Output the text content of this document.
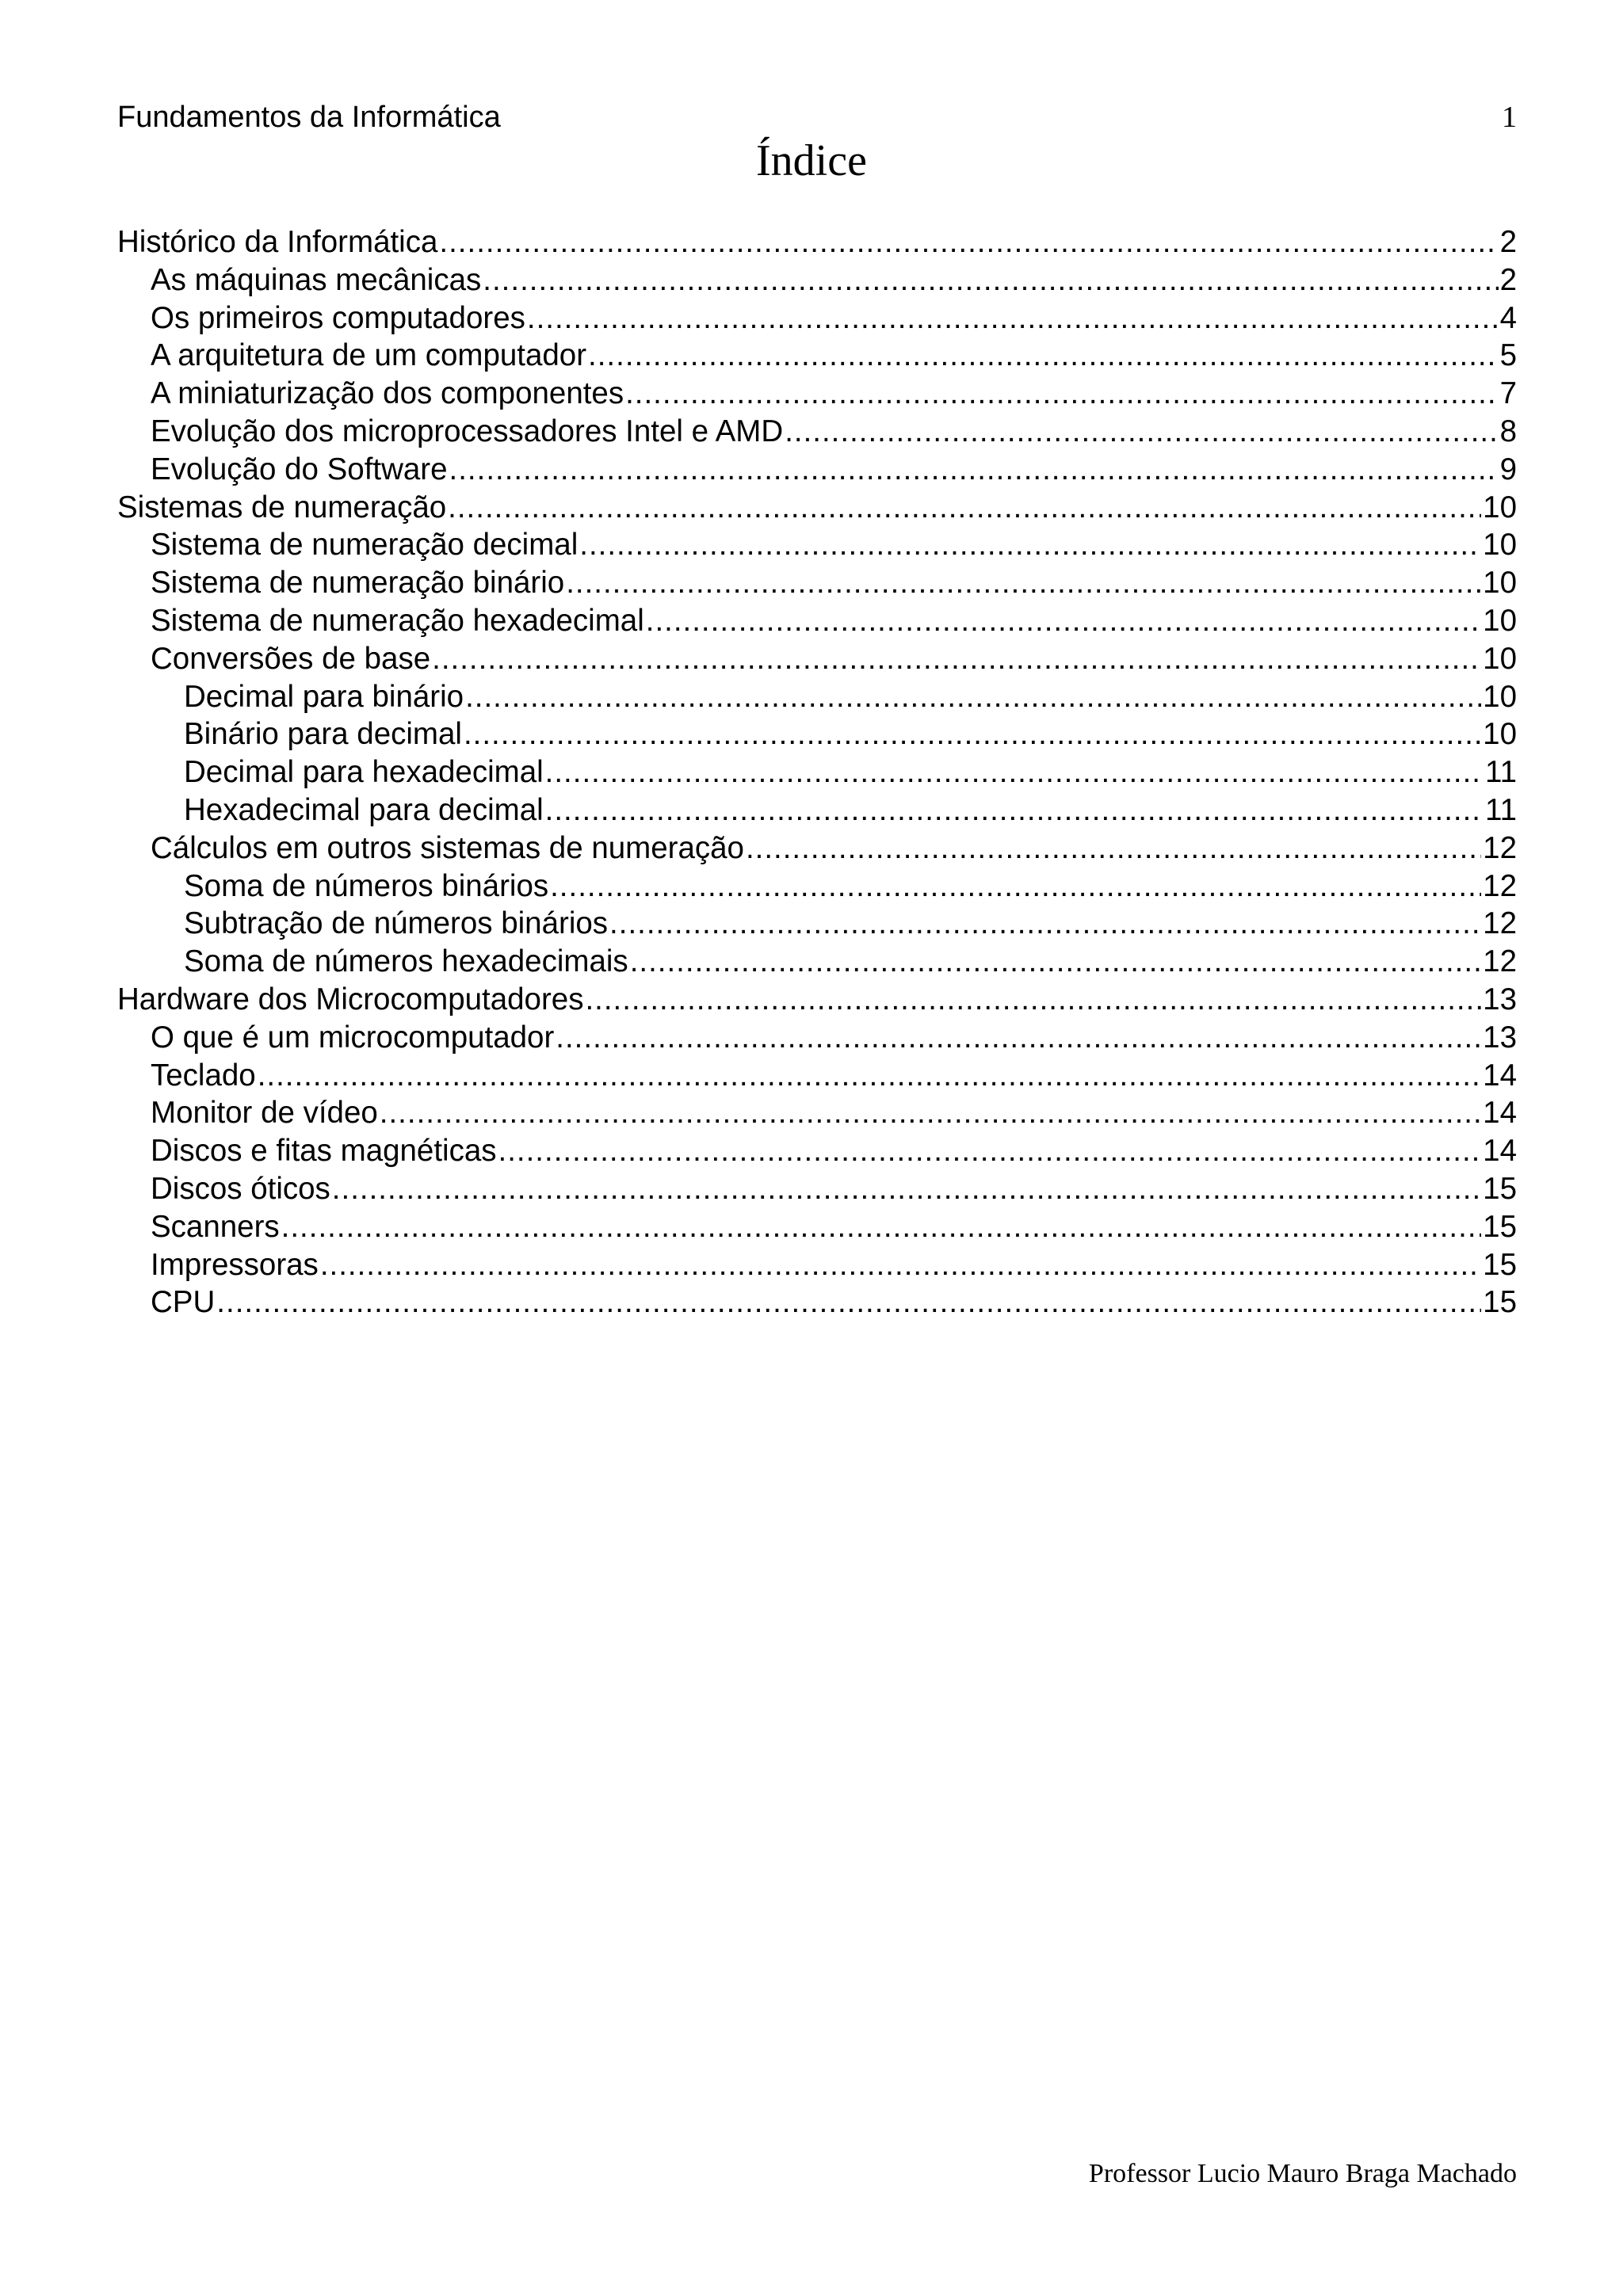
Fundamentos da Informática	1
Índice
Histórico da Informática .....	2
As máquinas mecânicas .....	2
Os primeiros computadores .....	4
A arquitetura de um computador .....	5
A miniaturização dos componentes .....	7
Evolução dos microprocessadores Intel e AMD .....	8
Evolução do Software .....	9
Sistemas de numeração .....	10
Sistema de numeração decimal .....	10
Sistema de numeração binário .....	10
Sistema de numeração hexadecimal .....	10
Conversões de base .....	10
Decimal para binário .....	10
Binário para decimal .....	10
Decimal para hexadecimal .....	11
Hexadecimal para decimal .....	11
Cálculos em outros sistemas de numeração .....	12
Soma de números binários .....	12
Subtração de números binários .....	12
Soma de números hexadecimais .....	12
Hardware dos Microcomputadores .....	13
O que é um microcomputador .....	13
Teclado .....	14
Monitor de vídeo .....	14
Discos e fitas magnéticas .....	14
Discos óticos .....	15
Scanners .....	15
Impressoras .....	15
CPU .....	15
Professor Lucio Mauro Braga Machado
